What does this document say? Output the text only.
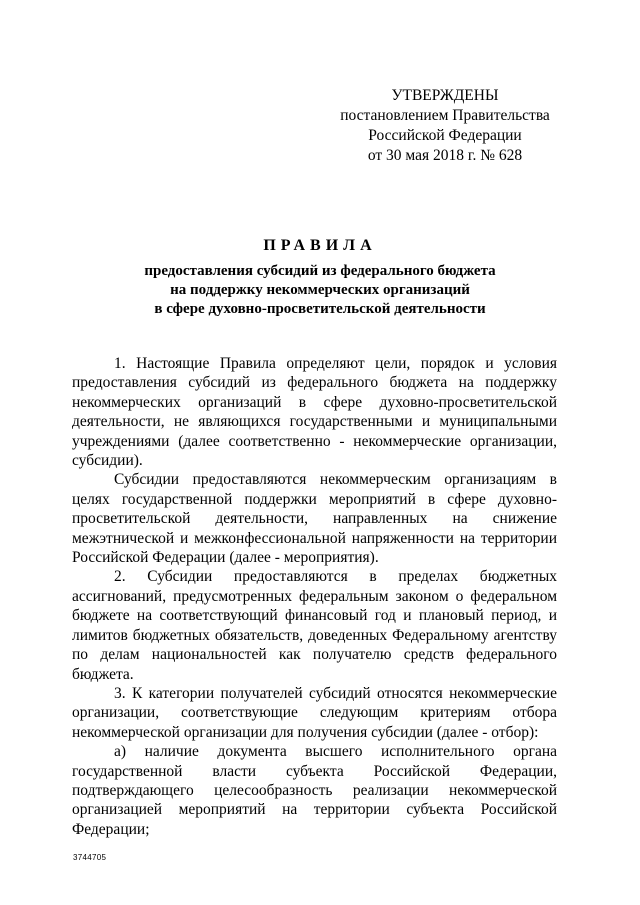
УТВЕРЖДЕНЫ
постановлением Правительства
Российской Федерации
от 30 мая 2018 г. № 628
ПРАВИЛА
предоставления субсидий из федерального бюджета
на поддержку некоммерческих организаций
в сфере духовно-просветительской деятельности

1. Настоящие Правила определяют цели, порядок и условия предоставления субсидий из федерального бюджета на поддержку некоммерческих организаций в сфере духовно-просветительской деятельности, не являющихся государственными и муниципальными учреждениями (далее соответственно - некоммерческие организации, субсидии).

Субсидии предоставляются некоммерческим организациям в целях государственной поддержки мероприятий в сфере духовно-просветительской деятельности, направленных на снижение межэтнической и межконфессиональной напряженности на территории Российской Федерации (далее - мероприятия).

2. Субсидии предоставляются в пределах бюджетных ассигнований, предусмотренных федеральным законом о федеральном бюджете на соответствующий финансовый год и плановый период, и лимитов бюджетных обязательств, доведенных Федеральному агентству по делам национальностей как получателю средств федерального бюджета.

3. К категории получателей субсидий относятся некоммерческие организации, соответствующие следующим критериям отбора некоммерческой организации для получения субсидии (далее - отбор):

а) наличие документа высшего исполнительного органа государственной власти субъекта Российской Федерации, подтверждающего целесообразность реализации некоммерческой организацией мероприятий на территории субъекта Российской Федерации;

3744705
